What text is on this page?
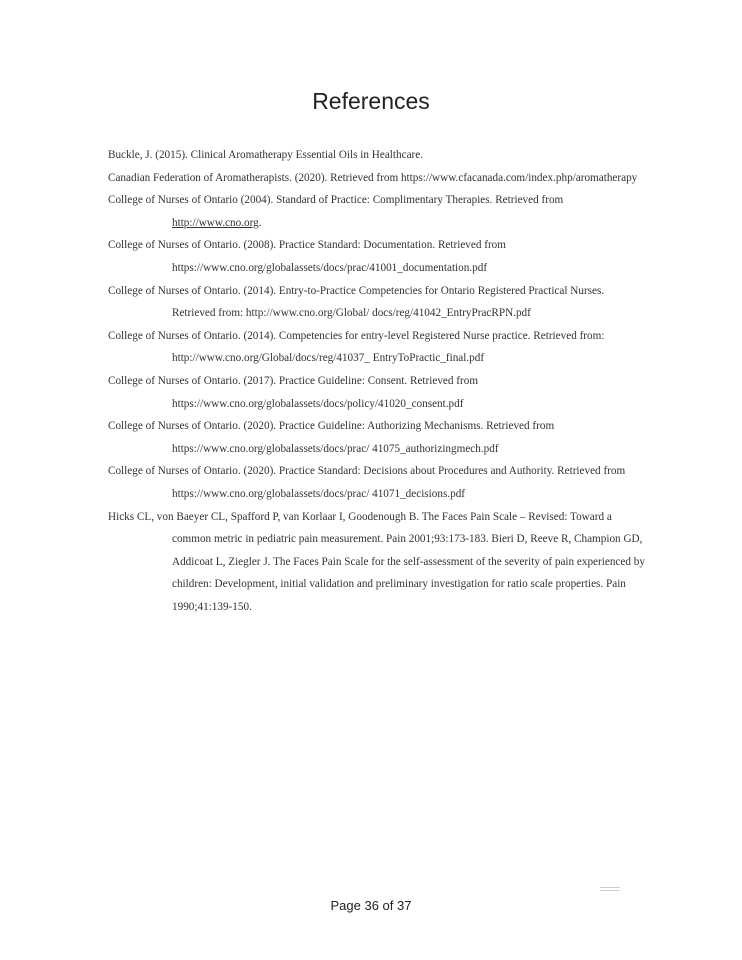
References
Buckle, J. (2015). Clinical Aromatherapy Essential Oils in Healthcare.
Canadian Federation of Aromatherapists. (2020). Retrieved from https://www.cfacanada.com/index.php/aromatherapy
College of Nurses of Ontario (2004). Standard of Practice: Complimentary Therapies. Retrieved from http://www.cno.org.
College of Nurses of Ontario. (2008). Practice Standard: Documentation. Retrieved from https://www.cno.org/globalassets/docs/prac/41001_documentation.pdf
College of Nurses of Ontario. (2014). Entry-to-Practice Competencies for Ontario Registered Practical Nurses. Retrieved from: http://www.cno.org/Global/ docs/reg/41042_EntryPracRPN.pdf
College of Nurses of Ontario. (2014). Competencies for entry-level Registered Nurse practice. Retrieved from: http://www.cno.org/Global/docs/reg/41037_ EntryToPractic_final.pdf
College of Nurses of Ontario. (2017). Practice Guideline: Consent. Retrieved from https://www.cno.org/globalassets/docs/policy/41020_consent.pdf
College of Nurses of Ontario. (2020). Practice Guideline: Authorizing Mechanisms. Retrieved from https://www.cno.org/globalassets/docs/prac/ 41075_authorizingmech.pdf
College of Nurses of Ontario. (2020). Practice Standard: Decisions about Procedures and Authority. Retrieved from https://www.cno.org/globalassets/docs/prac/ 41071_decisions.pdf
Hicks CL, von Baeyer CL, Spafford P, van Korlaar I, Goodenough B. The Faces Pain Scale – Revised: Toward a common metric in pediatric pain measurement. Pain 2001;93:173-183. Bieri D, Reeve R, Champion GD, Addicoat L, Ziegler J. The Faces Pain Scale for the self-assessment of the severity of pain experienced by children: Development, initial validation and preliminary investigation for ratio scale properties. Pain 1990;41:139-150.
Page 36 of 37
